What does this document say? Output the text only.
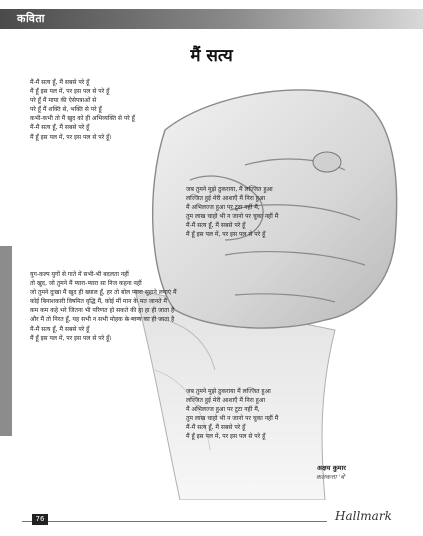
कविता
मैं सत्य
मैं-मैं सत्य हूँ, मैं सबसे परे हूँ
मैं हूँ इस पल में, पर इस पल से परे हूँ
परे हूँ मैं माया की ऐसेपत्राओं से
परे हूँ मैं शक्ति से, भक्ति से परे हूँ
कभी-कभी तो मैं खुद को ही अभिव्यक्ति से परे हूँ
मैं-मैं सत्य हूँ, मैं सबसे परे हूँ
मैं हूँ इस पल में, पर इस पल से परे हूँ।
जब तुमने मुझे ठुकराया, मैं लज्जित हुआ
लज्जित हुई मेरी आशाएँ मैं निरा हुआ
मैं अभिलज्ज हुआ पर टूटा नहीं मैं,
तुम लाख चाहो भी न जानो पर चुका नहीं मैं
मैं-मैं सत्य हूँ, मैं सबसे परे हूँ
मैं हूँ इस पल में, पर इस पल से परे हूँ
युग-कल्प युगों से गाते में सभी-भी बदलता नहीं
तो खुद, जो तुमने मैं प्यारा-प्यारा सा निज कहना नहीं
जो तुमने दुःखा मैं खुद ही ख्याल हूँ, हर तो बोल प्यारा सुहाने लगाएं मैं
कोई बिनाशकारी विषमित वृद्धि मैं, कोई मीं मान के मत जानते मैं
कम कम कहे भरे जितना भी परिणत हो सकते की हा हा ही जाता है
और मैं तो निरत हूँ, यह सभी न सभी मोहक के मान्य का ही जाता है
मैं-मैं सत्य हूँ, मैं सबसे परे हूँ
मैं हूँ इस पल में, पर इस पल से परे हूँ।
जब तुमने मुझे ठुकराया मैं लज्जित हुआ
लज्जित हुई मेरी आशाएँ मैं निरा हुआ
मैं अभिलज्ज हुआ पर टूटा नहीं मैं,
तुम लाख चाहो भी न जानो पर चुका नहीं मैं
मैं-मैं सत्य हूँ, मैं सबसे परे हूँ
मैं हूँ इस पल में, पर इस पल से परे हूँ
अक्षय कुमार
कलकत्ता 'बे'
76	Hallmark
